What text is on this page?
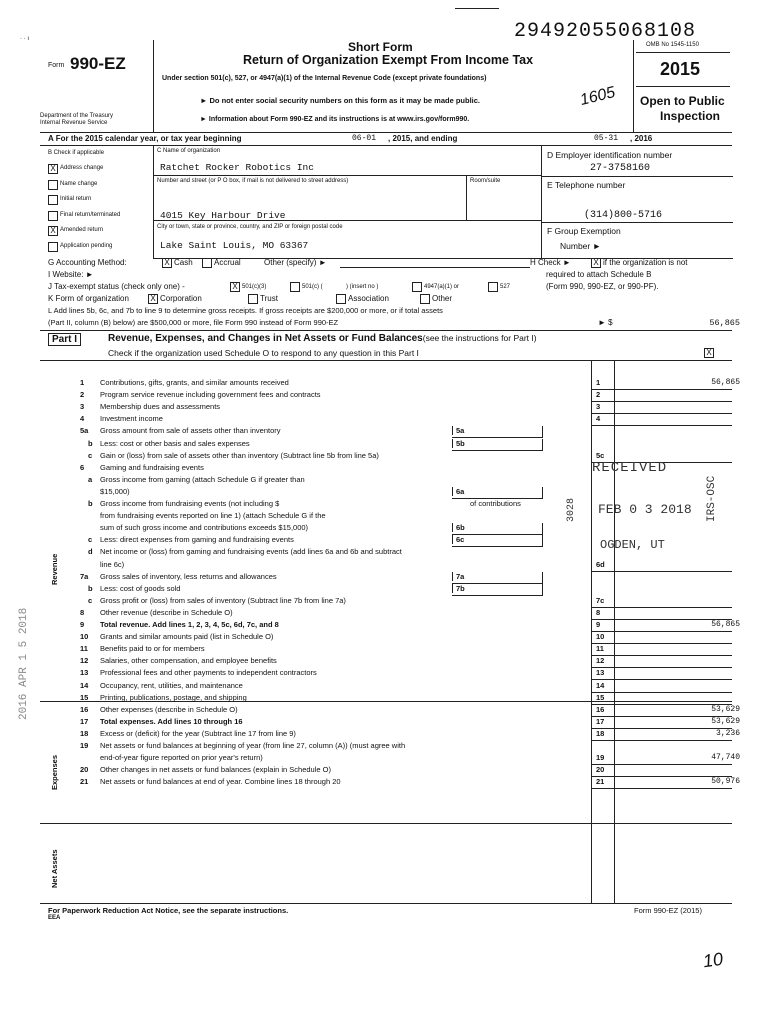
· · ı	29492055068108
Form 990-EZ
Department of the Treasury
Internal Revenue Service
Short Form
Return of Organization Exempt From Income Tax
Under section 501(c), 527, or 4947(a)(1) of the Internal Revenue Code (except private foundations)
► Do not enter social security numbers on this form as it may be made public.
► Information about Form 990-EZ and its instructions is at www.irs.gov/form990.
1605
OMB No 1545-1150
2015
Open to Public
Inspection
A For the 2015 calendar year, or tax year beginning	06-01 , 2015, and ending	05-31 , 2016
B Check if applicable
X Address change
Name change
Initial return
Final return/terminated
X Amended return
Application pending
C Name of organization
Ratchet Rocker Robotics Inc
Number and street (or P O box, if mail is not delivered to street address)	Room/suite
4015 Key Harbour Drive
City or town, state or province, country, and ZIP or foreign postal code
Lake Saint Louis, MO 63367
D Employer identification number
27-3758160
E Telephone number
(314)800-5716
F Group Exemption
Number ►
G Accounting Method:	X Cash	Accrual	Other (specify) ►	H Check ►	X if the organization is not
required to attach Schedule B
(Form 990, 990-EZ, or 990-PF).
I Website: ►
J Tax-exempt status (check only one) -	X 501(c)(3)	501(c) (	) (insert no )	4947(a)(1) or	527
K Form of organization	X Corporation	Trust	Association	Other
L Add lines 5b, 6c, and 7b to line 9 to determine gross receipts. If gross receipts are $200,000 or more, or if total assets
(Part II, column (B) below) are $500,000 or more, file Form 990 instead of Form 990-EZ	► $	56,865
Part I	Revenue, Expenses, and Changes in Net Assets or Fund Balances(see the instructions for Part I)
Check if the organization used Schedule O to respond to any question in this Part I	X
Revenue
Expenses
Net Assets
1 Contributions, gifts, grants, and similar amounts received	1	56,865
2 Program service revenue including government fees and contracts	2
3 Membership dues and assessments	3
4 Investment income	4
5a Gross amount from sale of assets other than inventory	5a
b Less: cost or other basis and sales expenses	5b
c Gain or (loss) from sale of assets other than inventory (Subtract line 5b from line 5a)	5c
6 Gaming and fundraising events
a Gross income from gaming (attach Schedule G if greater than
$15,000)	6a
b Gross income from fundraising events (not including $	of contributions
from fundraising events reported on line 1) (attach Schedule G if the
sum of such gross income and contributions exceeds $15,000)	6b
c Less: direct expenses from gaming and fundraising events	6c
d Net income or (loss) from gaming and fundraising events (add lines 6a and 6b and subtract
line 6c)	6d
7a Gross sales of inventory, less returns and allowances	7a
b Less: cost of goods sold	7b
c Gross profit or (loss) from sales of inventory (Subtract line 7b from line 7a)	7c
8 Other revenue (describe in Schedule O)	8
9 Total revenue. Add lines 1, 2, 3, 4, 5c, 6d, 7c, and 8	9	56,865
10 Grants and similar amounts paid (list in Schedule O)	10
11 Benefits paid to or for members	11
12 Salaries, other compensation, and employee benefits	12
13 Professional fees and other payments to independent contractors	13
14 Occupancy, rent, utilities, and maintenance	14
15 Printing, publications, postage, and shipping	15
16 Other expenses (describe in Schedule O)	16	53,629
17 Total expenses. Add lines 10 through 16	17	53,629
18 Excess or (deficit) for the year (Subtract line 17 from line 9)	18	3,236
19 Net assets or fund balances at beginning of year (from line 27, column (A)) (must agree with
end-of-year figure reported on prior year's return)	19	47,740
20 Other changes in net assets or fund balances (explain in Schedule O)	20
21 Net assets or fund balances at end of year. Combine lines 18 through 20	21	50,976
RECEIVED
FEB 0 3 2018 IRS-OSC
OGDEN, UT
3028
2016 APR 1 5 2018
For Paperwork Reduction Act Notice, see the separate instructions.
EEA
Form 990-EZ (2015)
10
